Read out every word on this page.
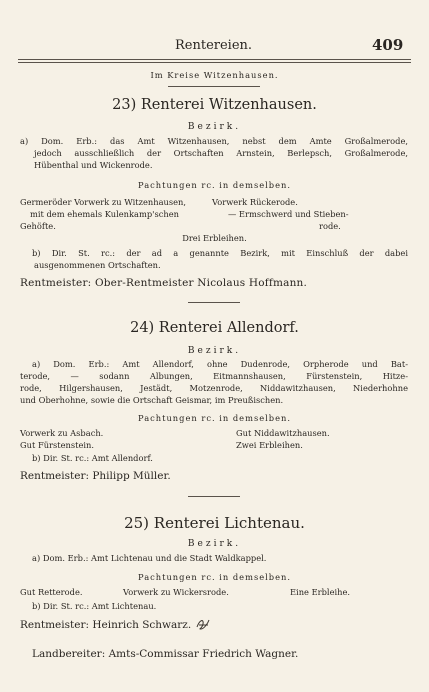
Rentereien.	409
Im Kreise Witzenhausen.
23) Renterei Witzenhausen.
Bezirk.
a) Dom. Erb.: das Amt Witzenhausen, nebst dem Amte Großalmerode,
jedoch ausschließlich der Ortschaften Arnstein, Berlepsch, Großalmerode,
Hübenthal und Wickenrode.
Pachtungen rc. in demselben.
Germeröder Vorwerk zu Witzenhausen,	Vorwerk Rückerode.
mit dem ehemals Kulenkamp'schen	— Ermschwerd und Stieben-
Gehöfte.	rode.
Drei Erbleihen.
b) Dir. St. rc.: der ad a genannte Bezirk, mit Einschluß der dabei
ausgenommenen Ortschaften.
Rentmeister: Ober-Rentmeister Nicolaus Hoffmann.
24) Renterei Allendorf.
Bezirk.
a) Dom. Erb.: Amt Allendorf, ohne Dudenrode, Orpherode und Bat-
terode, — sodann Albungen, Eitmannshausen, Fürstenstein, Hitze-
rode, Hilgershausen, Jestädt, Motzenrode, Niddawitzhausen, Niederhohne
und Oberhohne, sowie die Ortschaft Geismar, im Preußischen.
Pachtungen rc. in demselben.
Vorwerk zu Asbach.	Gut Niddawitzhausen.
Gut Fürstenstein.	Zwei Erbleihen.
b) Dir. St. rc.: Amt Allendorf.
Rentmeister: Philipp Müller.
25) Renterei Lichtenau.
Bezirk.
a) Dom. Erb.: Amt Lichtenau und die Stadt Waldkappel.
Pachtungen rc. in demselben.
Gut Retterode.	Vorwerk zu Wickersrode.	Eine Erbleihe.
b) Dir. St. rc.: Amt Lichtenau.
Rentmeister: Heinrich Schwarz.
Landbereiter: Amts-Commissar Friedrich Wagner.
